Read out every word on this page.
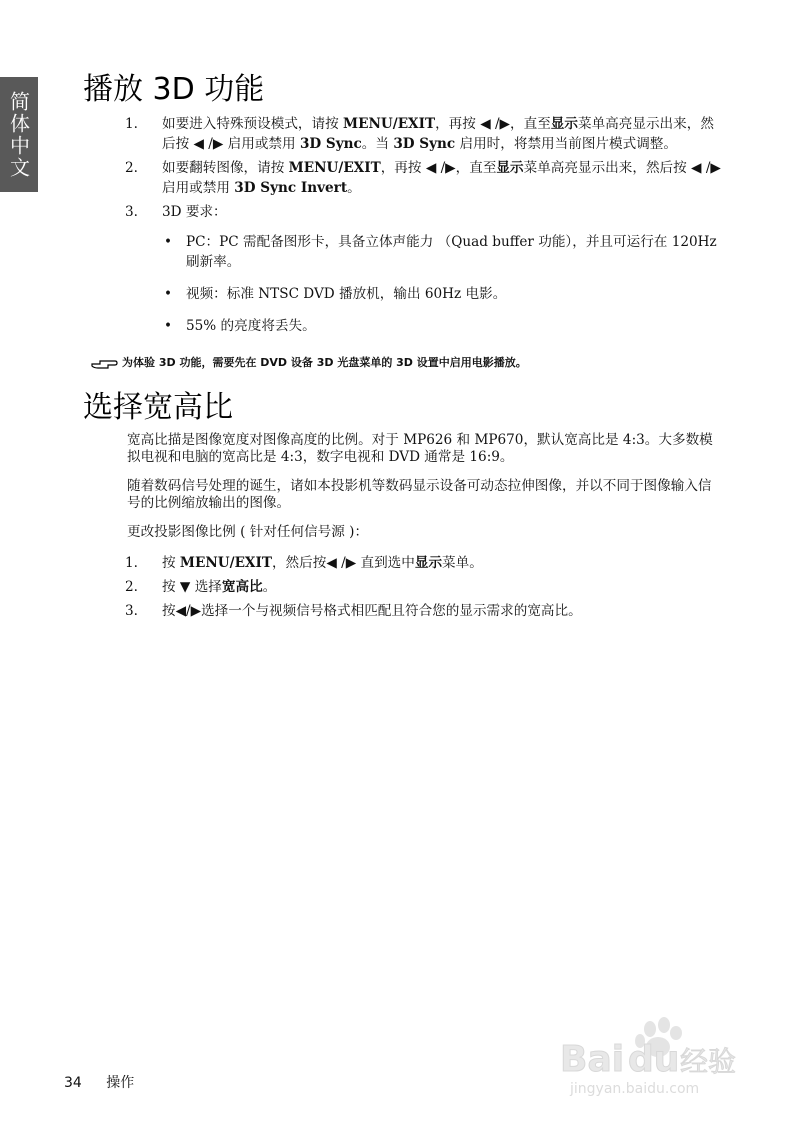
简体中文
播放 3D 功能
1. 如要进入特殊预设模式，请按 MENU/EXIT，再按 ◀ /▶，直至显示菜单高亮显示出来，然后按 ◀ /▶ 启用或禁用 3D Sync。当 3D Sync 启用时，将禁用当前图片模式调整。
2. 如要翻转图像，请按 MENU/EXIT，再按 ◀ /▶，直至显示菜单高亮显示出来，然后按 ◀ /▶ 启用或禁用 3D Sync Invert。
3. 3D 要求：
• PC：PC 需配备图形卡，具备立体声能力 （Quad buffer 功能），并且可运行在 120Hz 刷新率。
• 视频：标准 NTSC DVD 播放机，输出 60Hz 电影。
• 55% 的亮度将丢失。
选择宽高比
宽高比描是图像宽度对图像高度的比例。对于 MP626 和 MP670，默认宽高比是 4:3。大多数模拟电视和电脑的宽高比是 4:3，数字电视和 DVD 通常是 16:9。
随着数码信号处理的诞生，诸如本投影机等数码显示设备可动态拉伸图像，并以不同于图像输入信号的比例缩放输出的图像。
更改投影图像比例 ( 针对任何信号源 )：
1. 按 MENU/EXIT，然后按◀ /▶ 直到选中显示菜单。
2. 按 ▼ 选择宽高比。
3. 按◀/▶选择一个与视频信号格式相匹配且符合您的显示需求的宽高比。
为体验 3D 功能，需要先在 DVD 设备 3D 光盘菜单的 3D 设置中启用电影播放。
34 操作
Bai du 经验
jingyan.baidu.com
